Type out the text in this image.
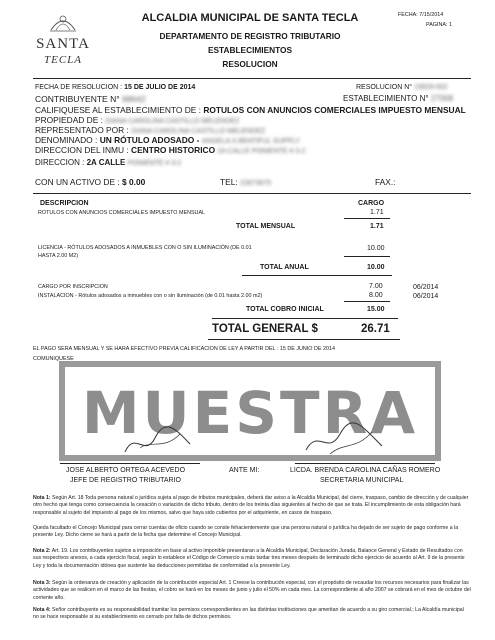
SANTA
TECLA
FECHA: 7/15/2014
PAGINA: 1
ALCALDIA MUNICIPAL DE SANTA TECLA
DEPARTAMENTO DE REGISTRO TRIBUTARIO
ESTABLECIMIENTOS
RESOLUCION
FECHA DE RESOLUCION : 15 DE JULIO DE 2014	RESOLUCION N° 19929-002
CONTRIBUYENTE N° 98642	ESTABLECIMIENTO N° 27008
CALIFIQUESE AL ESTABLECIMIENTO DE : ROTULOS CON ANUNCIOS COMERCIALES IMPUESTO MENSUAL
PROPIEDAD DE : DIANA CAROLINA CASTILLO MELENDEZ
REPRESENTADO POR : DIANA CAROLINA CASTILLO MELENDEZ
DENOMINADO : UN RÓTULO ADOSADO - ANGELA S BEATIFUL SUPPLY
DIRECCION DEL INMU : CENTRO HISTORICO 2A CALLE PONIENTE # 3-2
DIRECCION : 2A CALLE PONIENTE # 3-2
CON UN ACTIVO DE : $ 0.00	TEL: 22873670	FAX.:
DESCRIPCION	CARGO
ROTULOS CON ANUNCIOS COMERCIALES IMPUESTO MENSUAL	1.71
TOTAL MENSUAL	1.71
LICENCIA - RÓTULOS ADOSADOS A INMUEBLES CON O SIN ILUMINACIÓN (DE 0.01
HASTA 2.00 M2)
10.00
TOTAL ANUAL	10.00
CARGO POR INSCRIPCION	7.00	06/2014
INSTALACION - Rótulos adosados a inmuebles con o sin iluminación (de 0.01 hasta 2.00 m2)	8.00	06/2014
TOTAL COBRO INICIAL	15.00
TOTAL GENERAL $	26.71
EL PAGO SERA MENSUAL Y SE HARA EFECTIVO PREVIA CALIFICACION DE LEY A PARTIR DEL : 15 DE JUNIO DE 2014
COMUNIQUESE
MUESTRA
JOSE ALBERTO ORTEGA ACEVEDO
JEFE DE REGISTRO TRIBUTARIO
ANTE MI:	LICDA. BRENDA CAROLINA CAÑAS ROMERO
SECRETARIA MUNICIPAL
Nota 1: Según Art. 18 Toda persona natural o jurídica sujeta al pago de tributos municipales, deberá dar aviso a la Alcaldía Municipal, del cierre, traspaso, cambio de dirección y de cualquier otro hecho que tenga como consecuencia la cesación o variación de dicho tributo, dentro de los treinta días siguientes al hecho de que se trata. El incumplimiento de esta obligación hará responsable al sujeto del impuesto al pago de los mismos, salvo que haya sido cubiertos por el adquiriente, en casos de traspaso.
Queda facultado el Concejo Municipal para cerrar cuentas de oficio cuando se conste fehacientemente que una persona natural o jurídica ha dejado de ser sujeto de pago conforme a la presente Ley. Dicho cierre se hará a partir de la fecha que determine el Concejo Municipal.
Nota 2: Art. 19. Los contribuyentes sujetos a imposición en base al activo imponible presentaran a la Alcaldía Municipal, Declaración Jurada, Balance General y Estado de Resultados con sus respectivos anexos, a cada ejercicio fiscal, según lo establece el Código de Comercio a más tardar tres meses después de terminado dicho ejercicio de acuerdo al Art. 9 de la presente Ley y toda la documentación idónea que sustente las deducciones permitidas de conformidad a la presente Ley.
Nota 3: Según la ordenanza de creación y aplicación de la contribución especial Art. 1 Creese la contribución especial, con el propósito de recaudar los recursos necesarios para finalizar las actividades que se realicen en el marco de las fiestas, el cobro se hará en los meses de junio y julio el 50% en cada mes. La correspondiente al año 2007 se cobrará en el mes de octubre del corriente año.
Nota 4: Señor contribuyente es su responsabilidad tramitar los permisos correspondientes en las distintas instituciones que ameritan de acuerdo a su giro comercial.; La Alcaldía municipal no se hace responsable si su establecimiento es cerrado por falta de dichos permisos.
